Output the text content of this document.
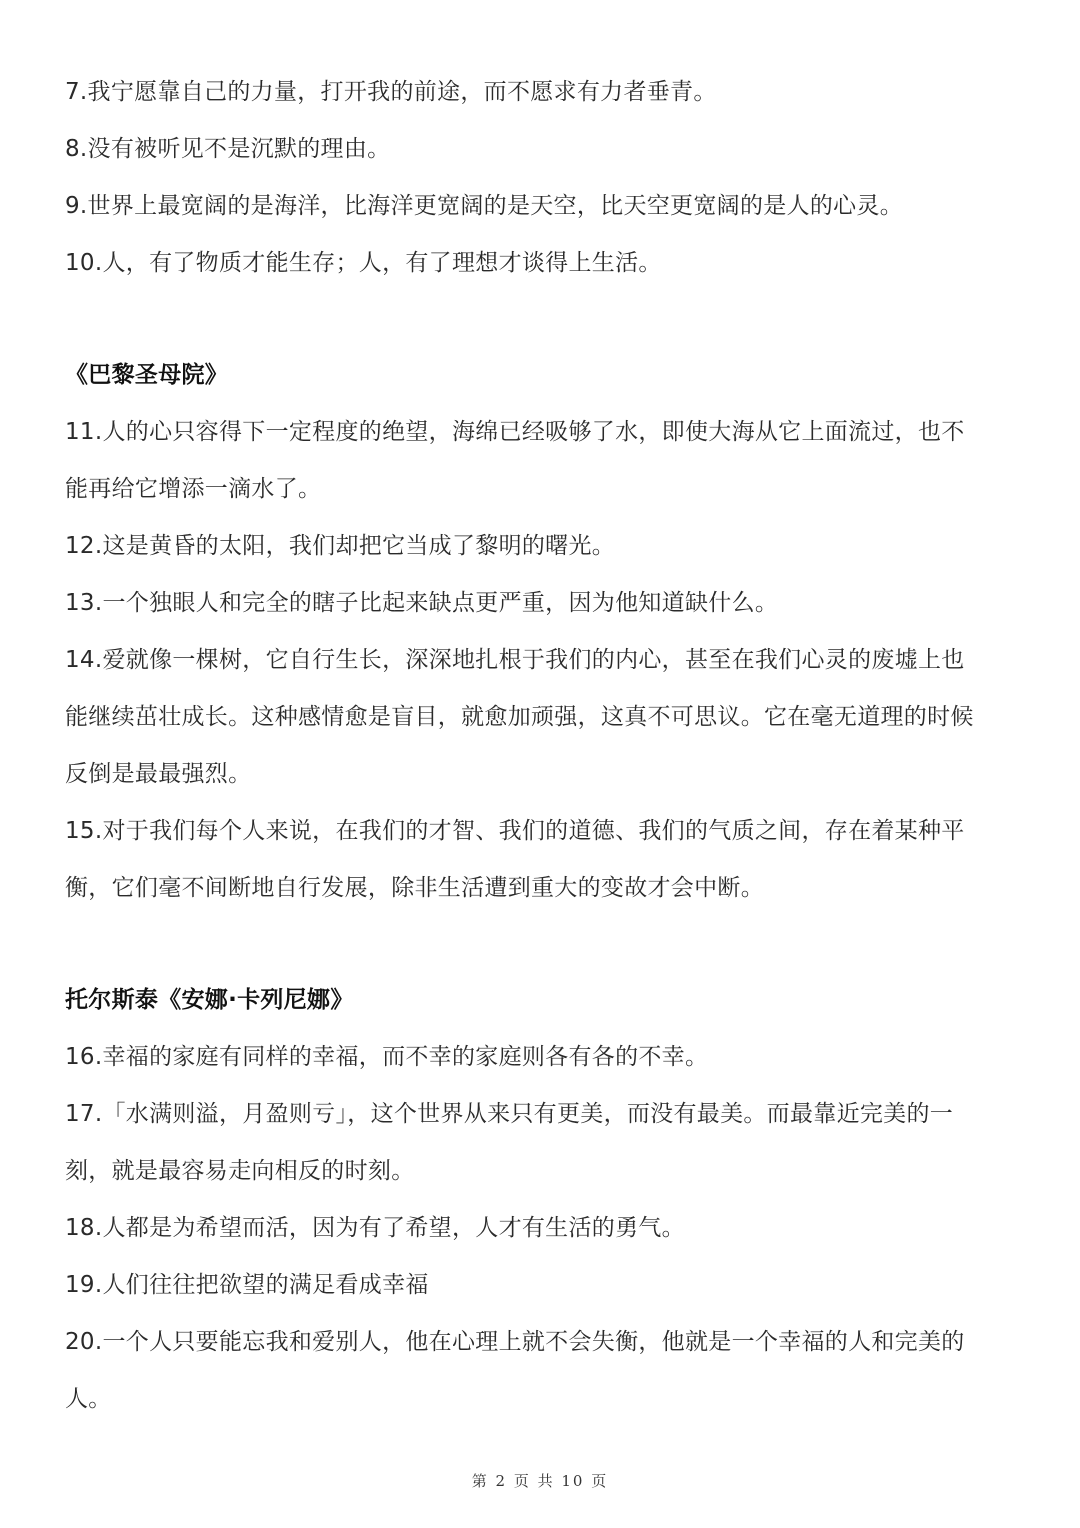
7.我宁愿靠自己的力量，打开我的前途，而不愿求有力者垂青。
8.没有被听见不是沉默的理由。
9.世界上最宽阔的是海洋，比海洋更宽阔的是天空，比天空更宽阔的是人的心灵。
10.人，有了物质才能生存；人，有了理想才谈得上生活。
《巴黎圣母院》
11.人的心只容得下一定程度的绝望，海绵已经吸够了水，即使大海从它上面流过，也不
能再给它增添一滴水了。
12.这是黄昏的太阳，我们却把它当成了黎明的曙光。
13.一个独眼人和完全的瞎子比起来缺点更严重，因为他知道缺什么。
14.爱就像一棵树，它自行生长，深深地扎根于我们的内心，甚至在我们心灵的废墟上也
能继续茁壮成长。这种感情愈是盲目，就愈加顽强，这真不可思议。它在毫无道理的时候
反倒是最最强烈。
15.对于我们每个人来说，在我们的才智、我们的道德、我们的气质之间，存在着某种平
衡，它们毫不间断地自行发展，除非生活遭到重大的变故才会中断。
托尔斯泰《安娜·卡列尼娜》
16.幸福的家庭有同样的幸福，而不幸的家庭则各有各的不幸。
17.「水满则溢，月盈则亏」，这个世界从来只有更美，而没有最美。而最靠近完美的一
刻，就是最容易走向相反的时刻。
18.人都是为希望而活，因为有了希望，人才有生活的勇气。
19.人们往往把欲望的满足看成幸福
20.一个人只要能忘我和爱别人，他在心理上就不会失衡，他就是一个幸福的人和完美的
人。
第 2 页 共 10 页
